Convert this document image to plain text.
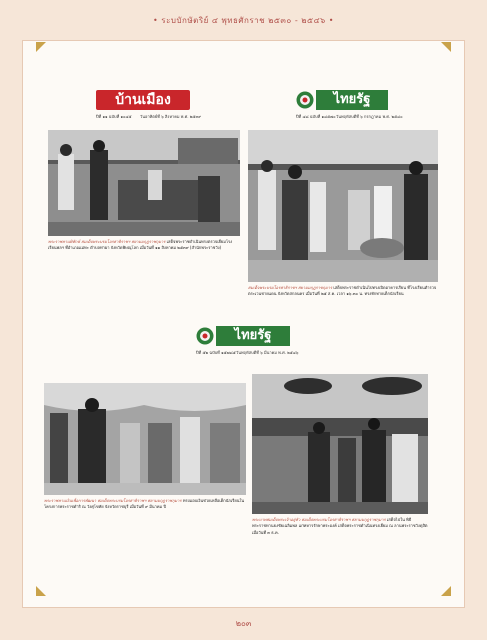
• ระบบักษัตริย์ ๔ พุทธศักราช ๒๕๓๐ - ๒๕๔๖ •
บ้านเมือง
ปีที่ ๑๑ ฉบับที่ ๑๐๔๕ วันอาทิตย์ที่ ๖ สิงหาคม พ.ศ. ๒๕๓๙
ไทยรัฐ
ปีที่ ๔๘ ฉบับที่ ๑๔๕๗๐ วันพฤหัสบดีที่ ๖ กรกฎาคม พ.ศ. ๒๕๔๐
พระราชทานพิทักษ์ สมเด็จพระบรมโอรสาธิราชฯ สยามมกุฎราชกุมาร เสด็จพระราชดำเนินทรงตรวจเยี่ยมโรงเรียนพลฯ ที่อำเภอแม่ทะ ตำบลท่าผา จังหวัดพิษณุโลก เมื่อวันที่ ๑๑ สิงหาคม ๒๕๓๙ (สำนักพระราชวัง)
สมเด็จพระบรมโอรสาธิราชฯ สยามมกุฎราชกุมาร เสด็จพระราชดำเนินไปทรงเปิดอาคารเรียน ที่โรงเรียนตำรวจตระเวนชายแดน จังหวัดสกลนคร เมื่อวันที่ ๒๕ ส.ค. เวลา ๑๖.๓๐ น. ทรงทักทายเด็กนักเรียน
ไทยรัฐ
ปีที่ ๕๒ ฉบับที่ ๑๕๗๘๕ วันพฤหัสบดีที่ ๖ มีนาคม พ.ศ. ๒๕๔๖
พระราชทานเงินเพื่อการพัฒนา สมเด็จพระบรมโอรสาธิราชฯ สยามมกุฎราชกุมาร ทรงมอบเงินช่วยเหลือเด็กนักเรียนในโครงการพระราชดำริ ณ วังศุโขทัย จังหวัดราชบุรี เมื่อวันที่ ๙ มีนาคม ปี
พระบาทสมเด็จพระเจ้าอยู่หัว สมเด็จพระบรมโอรสาธิราชฯ สยามมกุฎราชกุมาร เสด็จไปใน พิธีพระราชทานธงชัยเฉลิมพล แก่ทหารรักษาพระองค์ เสด็จพระราชดำเนินทรงเยี่ยม ณ ลานพระราชวังดุสิต เมื่อวันที่ ๓ ธ.ค.
๒๐๓
